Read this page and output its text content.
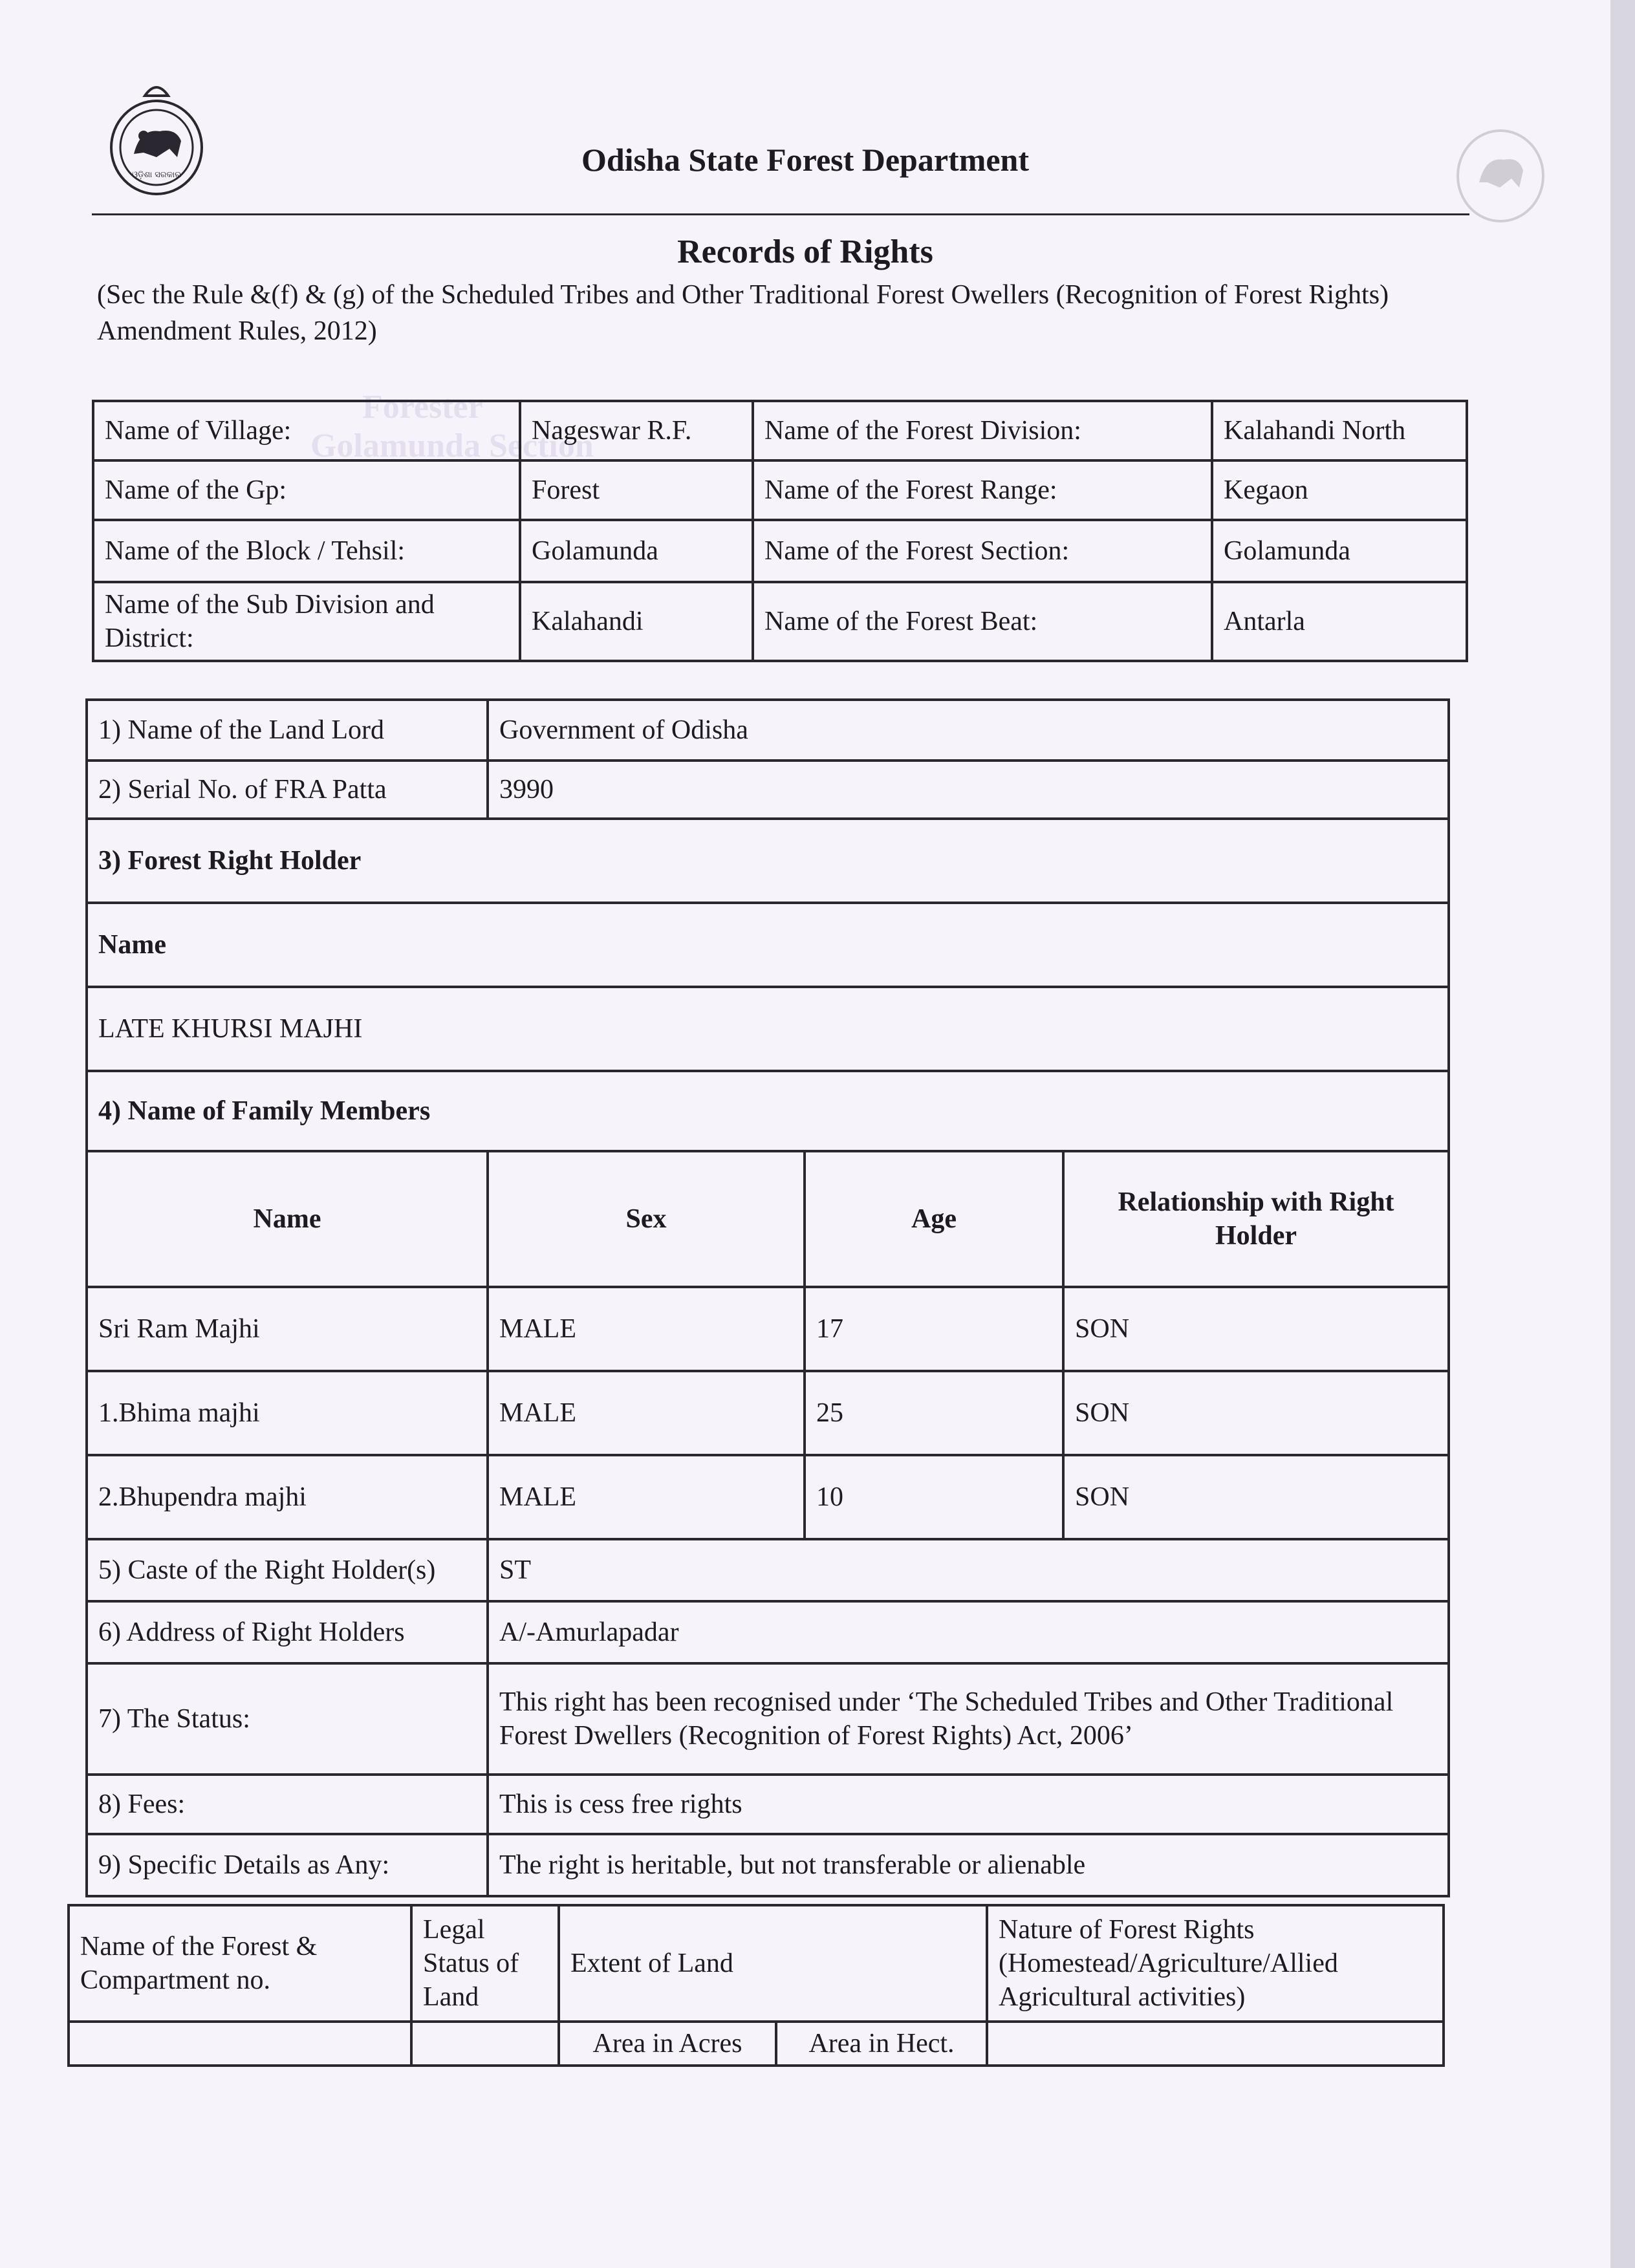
ଓଡ଼ିଶା ସରକାର
Forester
Golamunda Section
Odisha State Forest Department
Records of Rights
(Sec the Rule &(f) & (g) of the Scheduled Tribes and Other Traditional Forest Owellers (Recognition of Forest Rights) Amendment Rules, 2012)
Name of Village:	Nageswar R.F.	Name of the Forest Division:	Kalahandi North
Name of the Gp:	Forest	Name of the Forest Range:	Kegaon
Name of the Block / Tehsil:	Golamunda	Name of the Forest Section:	Golamunda
Name of the Sub Division and District:	Kalahandi	Name of the Forest Beat:	Antarla
1) Name of the Land Lord	Government of Odisha		
2) Serial No. of FRA Patta	3990		
3) Forest Right Holder			
Name			
LATE KHURSI MAJHI			
4) Name of Family Members			
Name	Sex	Age	Relationship with Right Holder
Sri Ram Majhi	MALE	17	SON
1.Bhima majhi	MALE	25	SON
2.Bhupendra majhi	MALE	10	SON
5) Caste of the Right Holder(s)	ST		
6) Address of Right Holders	A/-Amurlapadar		
7) The Status:	This right has been recognised under ‘The Scheduled Tribes and Other Traditional
Forest Dwellers (Recognition of Forest Rights) Act, 2006’		

8) Fees:	This is cess free rights		
9) Specific Details as Any:	The right is heritable, but not transferable or alienable		
Name of the Forest & Compartment no.	Legal Status of Land	Extent of Land		Nature of Forest Rights (Homestead/Agriculture/Allied Agricultural activities)
		Area in Acres	Area in Hect.	
